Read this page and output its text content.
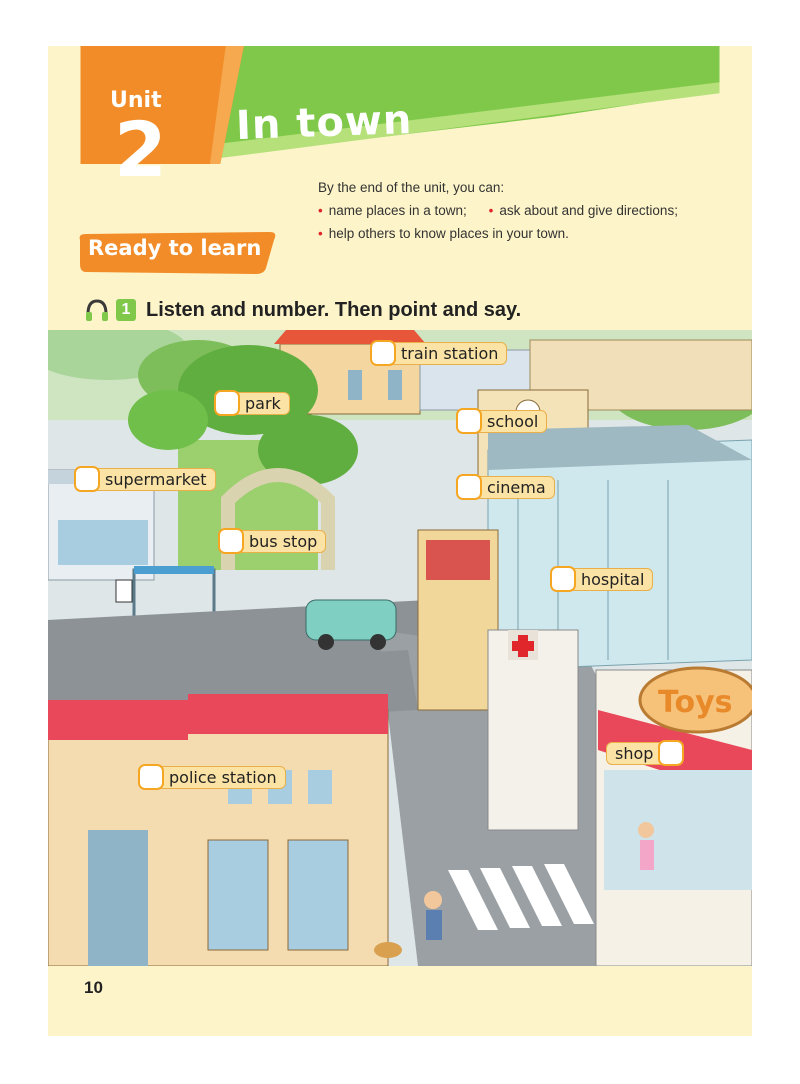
Unit
2 In town
By the end of the unit, you can:
• name places in a town; • ask about and give directions;
• help others to know places in your town.
Ready to learn
1 Listen and number. Then point and say.
Toys
train station
park
school
supermarket	cinema
bus stop
hospital
shop
police station
10
